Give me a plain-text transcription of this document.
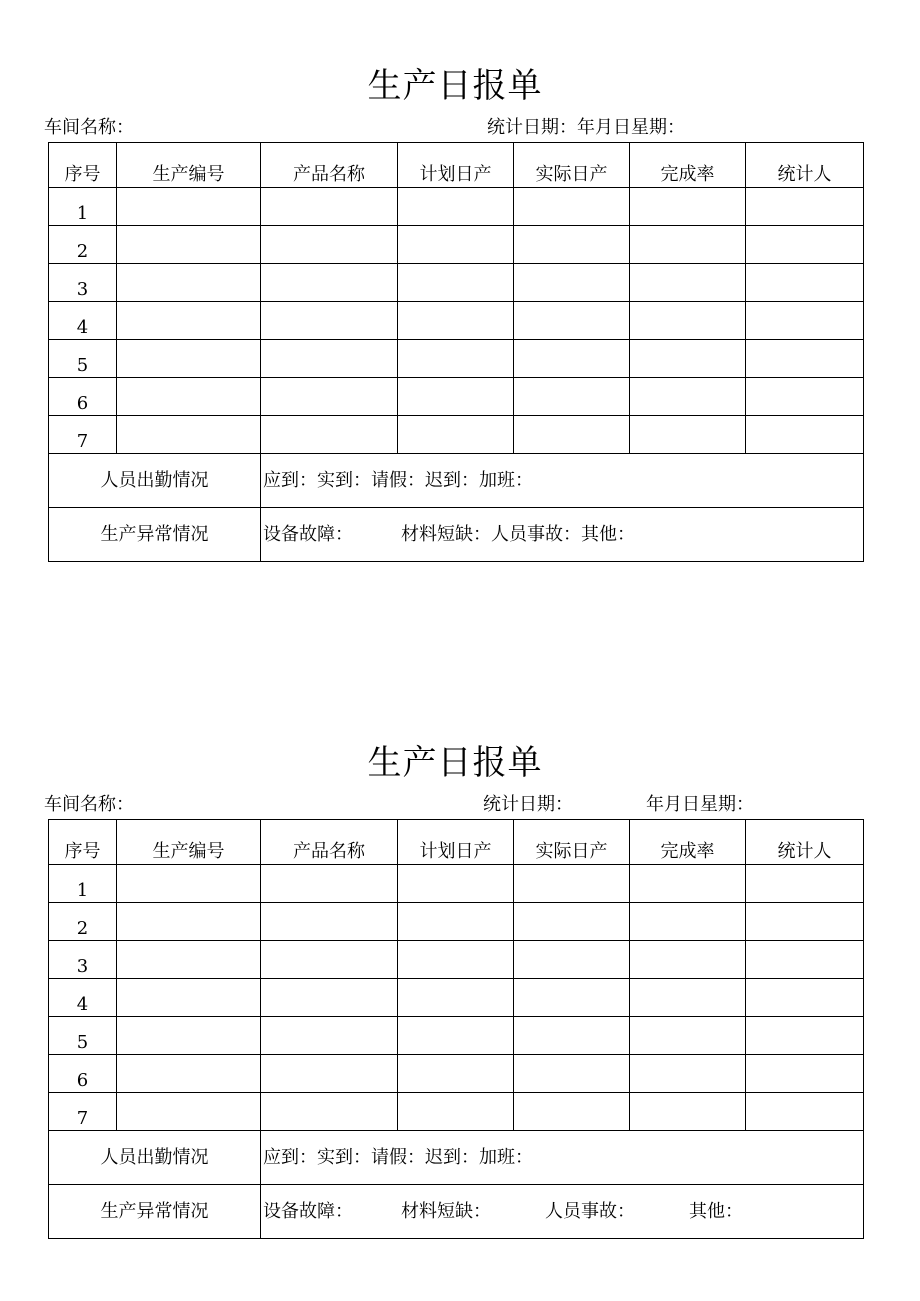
生产日报单
车间名称：	统计日期：年月日星期：
序号	生产编号	产品名称	计划日产	实际日产	完成率	统计人
1						
2						
3						
4						
5						
6						
7						
人员出勤情况		应到：实到：请假：迟到：加班：				
生产异常情况		设备故障： 材料短缺：人员事故：其他：				
生产日报单
车间名称：	统计日期：	年月日星期：
序号	生产编号	产品名称	计划日产	实际日产	完成率	统计人
1						
2						
3						
4						
5						
6						
7						
人员出勤情况		应到：实到：请假：迟到：加班：				
生产异常情况		设备故障： 材料短缺： 人员事故： 其他：				
